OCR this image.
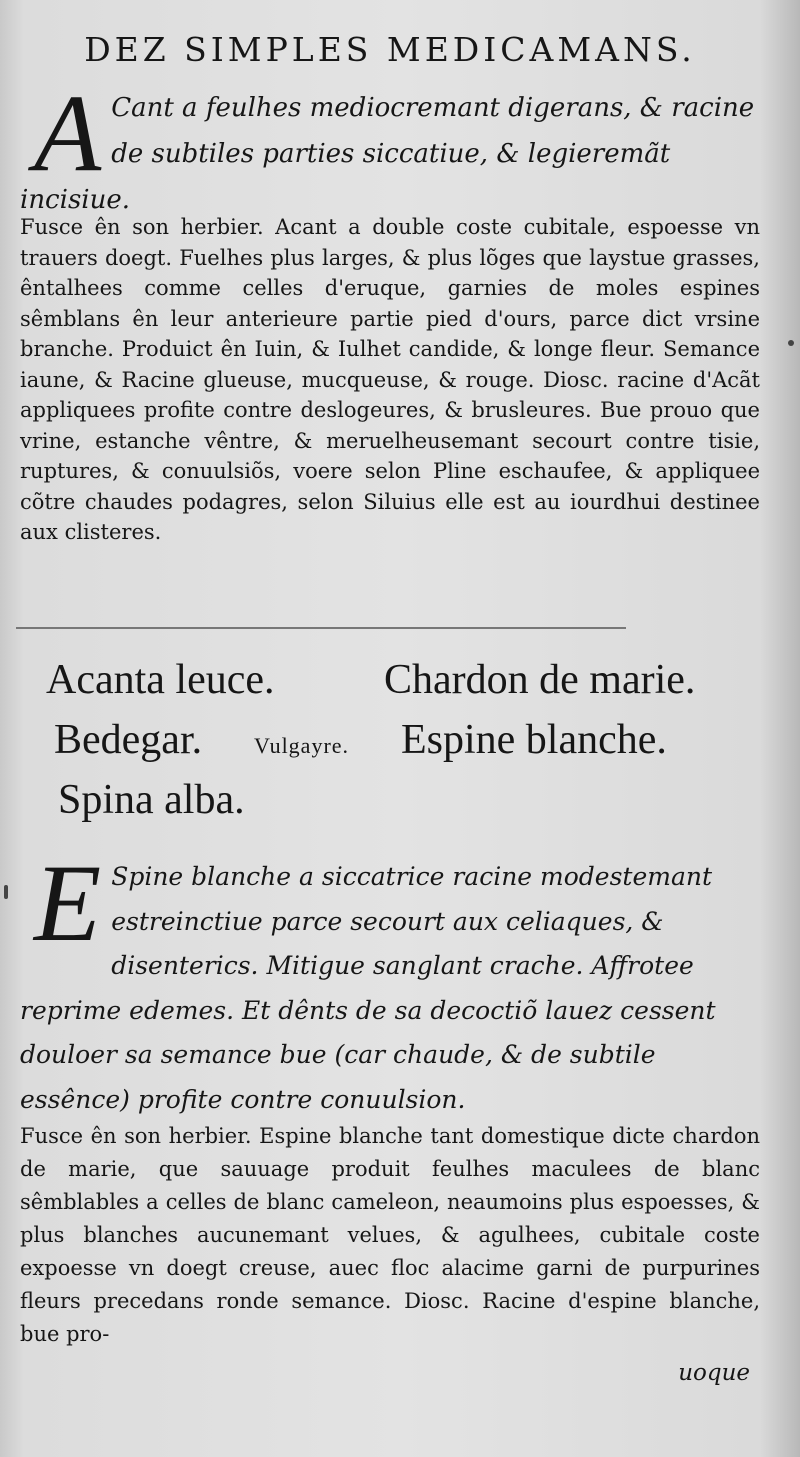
DEZ SIMPLES MEDICAMANS.
A Cant a feulhes mediocremant digerans, & racine de subtiles parties siccatiue, & legieremãt incisiue.
Fusce ên son herbier. Acant a double coste cubitale, espoesse vn trauers doegt. Fuelhes plus larges, & plus lõges que laystue grasses, êntalhees comme celles d'eruque, garnies de moles espines sêmblans ên leur anterieure partie pied d'ours, parce dict vrsine branche. Produict ên Iuin, & Iulhet candide, & longe fleur. Semance iaune, & Racine glueuse, mucqueuse, & rouge. Diosc. racine d'Acãt appliquees profite contre deslogeures, & brusleures. Bue prouo que vrine, estanche vêntre, & meruelheusemant secourt contre tisie, ruptures, & conuulsiõs, voere selon Pline eschaufee, & appliquee cõtre chaudes podagres, selon Siluius elle est au iourdhui destinee aux clisteres.
Acanta leuce.	Chardon de marie.
Bedegar. Vulgayre. Espine blanche.
Spina alba.
E Spine blanche a siccatrice racine modestemant estreinctiue parce secourt aux celiaques, & disenterics. Mitigue sanglant crache. Affrotee reprime edemes. Et dênts de sa decoctiõ lauez cessent douloer sa semance bue (car chaude, & de subtile essênce) profite contre conuulsion.
Fusce ên son herbier. Espine blanche tant domestique dicte chardon de marie, que sauuage produit feulhes maculees de blanc sêmblables a celles de blanc cameleon, neaumoins plus espoesses, & plus blanches aucunemant velues, & agulhees, cubitale coste expoesse vn doegt creuse, auec floc alacime garni de purpurines fleurs precedans ronde semance. Diosc. Racine d'espine blanche, bue pro-
uoque
